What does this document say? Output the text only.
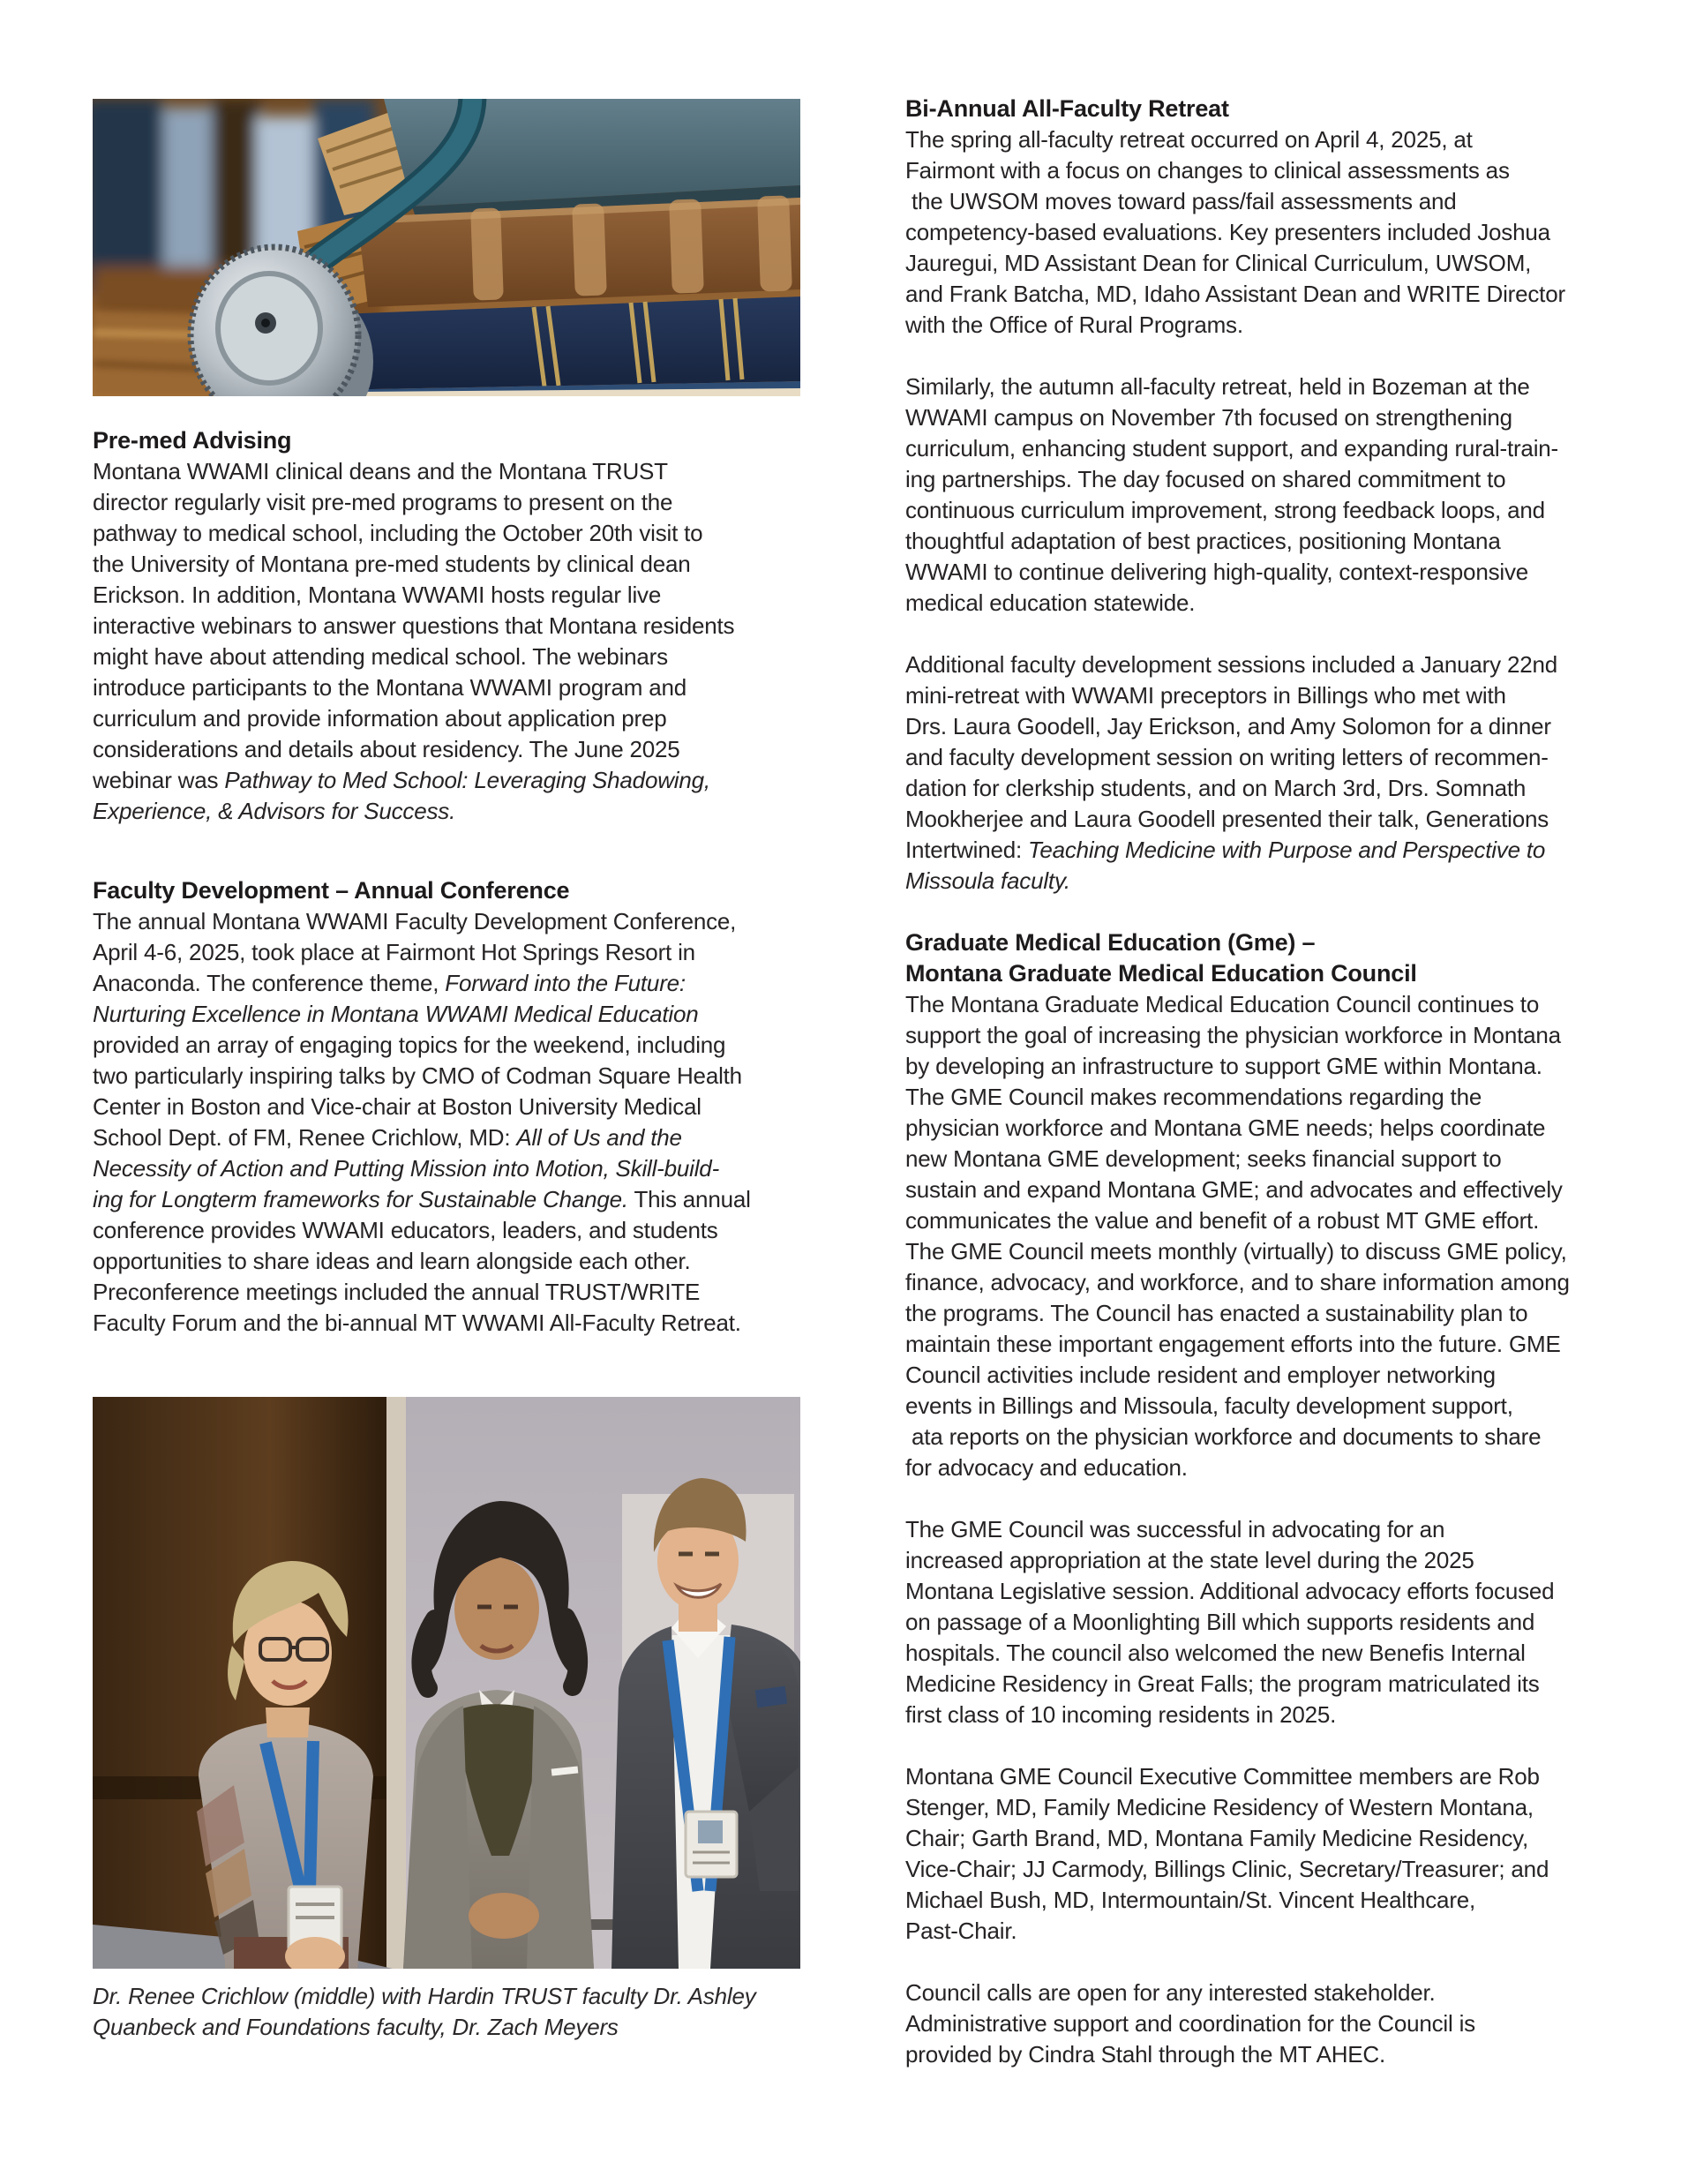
Pre-med Advising

Montana WWAMI clinical deans and the Montana TRUST
director regularly visit pre-med programs to present on the
pathway to medical school, including the October 20th visit to
the University of Montana pre-med students by clinical dean
Erickson. In addition, Montana WWAMI hosts regular live
interactive webinars to answer questions that Montana residents
might have about attending medical school. The webinars
introduce participants to the Montana WWAMI program and
curriculum and provide information about application prep
considerations and details about residency. The June 2025
webinar was Pathway to Med School: Leveraging Shadowing,
Experience, & Advisors for Success.

Faculty Development – Annual Conference

The annual Montana WWAMI Faculty Development Conference,
April 4-6, 2025, took place at Fairmont Hot Springs Resort in
Anaconda. The conference theme, Forward into the Future:
Nurturing Excellence in Montana WWAMI Medical Education
provided an array of engaging topics for the weekend, including
two particularly inspiring talks by CMO of Codman Square Health
Center in Boston and Vice-chair at Boston University Medical
School Dept. of FM, Renee Crichlow, MD: All of Us and the
Necessity of Action and Putting Mission into Motion, Skill-build-
ing for Longterm frameworks for Sustainable Change. This annual
conference provides WWAMI educators, leaders, and students
opportunities to share ideas and learn alongside each other.
Preconference meetings included the annual TRUST/WRITE
Faculty Forum and the bi-annual MT WWAMI All-Faculty Retreat.

Dr. Renee Crichlow (middle) with Hardin TRUST faculty Dr. Ashley
Quanbeck and Foundations faculty, Dr. Zach Meyers

Bi-Annual All-Faculty Retreat

The spring all-faculty retreat occurred on April 4, 2025, at
Fairmont with a focus on changes to clinical assessments as
the UWSOM moves toward pass/fail assessments and
competency-based evaluations. Key presenters included Joshua
Jauregui, MD Assistant Dean for Clinical Curriculum, UWSOM,
and Frank Batcha, MD, Idaho Assistant Dean and WRITE Director
with the Office of Rural Programs.

Similarly, the autumn all-faculty retreat, held in Bozeman at the
WWAMI campus on November 7th focused on strengthening
curriculum, enhancing student support, and expanding rural-train-
ing partnerships. The day focused on shared commitment to
continuous curriculum improvement, strong feedback loops, and
thoughtful adaptation of best practices, positioning Montana
WWAMI to continue delivering high-quality, context-responsive
medical education statewide.

Additional faculty development sessions included a January 22nd
mini-retreat with WWAMI preceptors in Billings who met with
Drs. Laura Goodell, Jay Erickson, and Amy Solomon for a dinner
and faculty development session on writing letters of recommen-
dation for clerkship students, and on March 3rd, Drs. Somnath
Mookherjee and Laura Goodell presented their talk, Generations
Intertwined: Teaching Medicine with Purpose and Perspective to
Missoula faculty.

Graduate Medical Education (Gme) –
Montana Graduate Medical Education Council

The Montana Graduate Medical Education Council continues to
support the goal of increasing the physician workforce in Montana
by developing an infrastructure to support GME within Montana.
The GME Council makes recommendations regarding the
physician workforce and Montana GME needs; helps coordinate
new Montana GME development; seeks financial support to
sustain and expand Montana GME; and advocates and effectively
communicates the value and benefit of a robust MT GME effort.
The GME Council meets monthly (virtually) to discuss GME policy,
finance, advocacy, and workforce, and to share information among
the programs. The Council has enacted a sustainability plan to
maintain these important engagement efforts into the future. GME
Council activities include resident and employer networking
events in Billings and Missoula, faculty development support,
ata reports on the physician workforce and documents to share
for advocacy and education.

The GME Council was successful in advocating for an
increased appropriation at the state level during the 2025
Montana Legislative session. Additional advocacy efforts focused
on passage of a Moonlighting Bill which supports residents and
hospitals. The council also welcomed the new Benefis Internal
Medicine Residency in Great Falls; the program matriculated its
first class of 10 incoming residents in 2025.

Montana GME Council Executive Committee members are Rob
Stenger, MD, Family Medicine Residency of Western Montana,
Chair; Garth Brand, MD, Montana Family Medicine Residency,
Vice-Chair; JJ Carmody, Billings Clinic, Secretary/Treasurer; and
Michael Bush, MD, Intermountain/St. Vincent Healthcare,
Past-Chair.

Council calls are open for any interested stakeholder.
Administrative support and coordination for the Council is
provided by Cindra Stahl through the MT AHEC.
